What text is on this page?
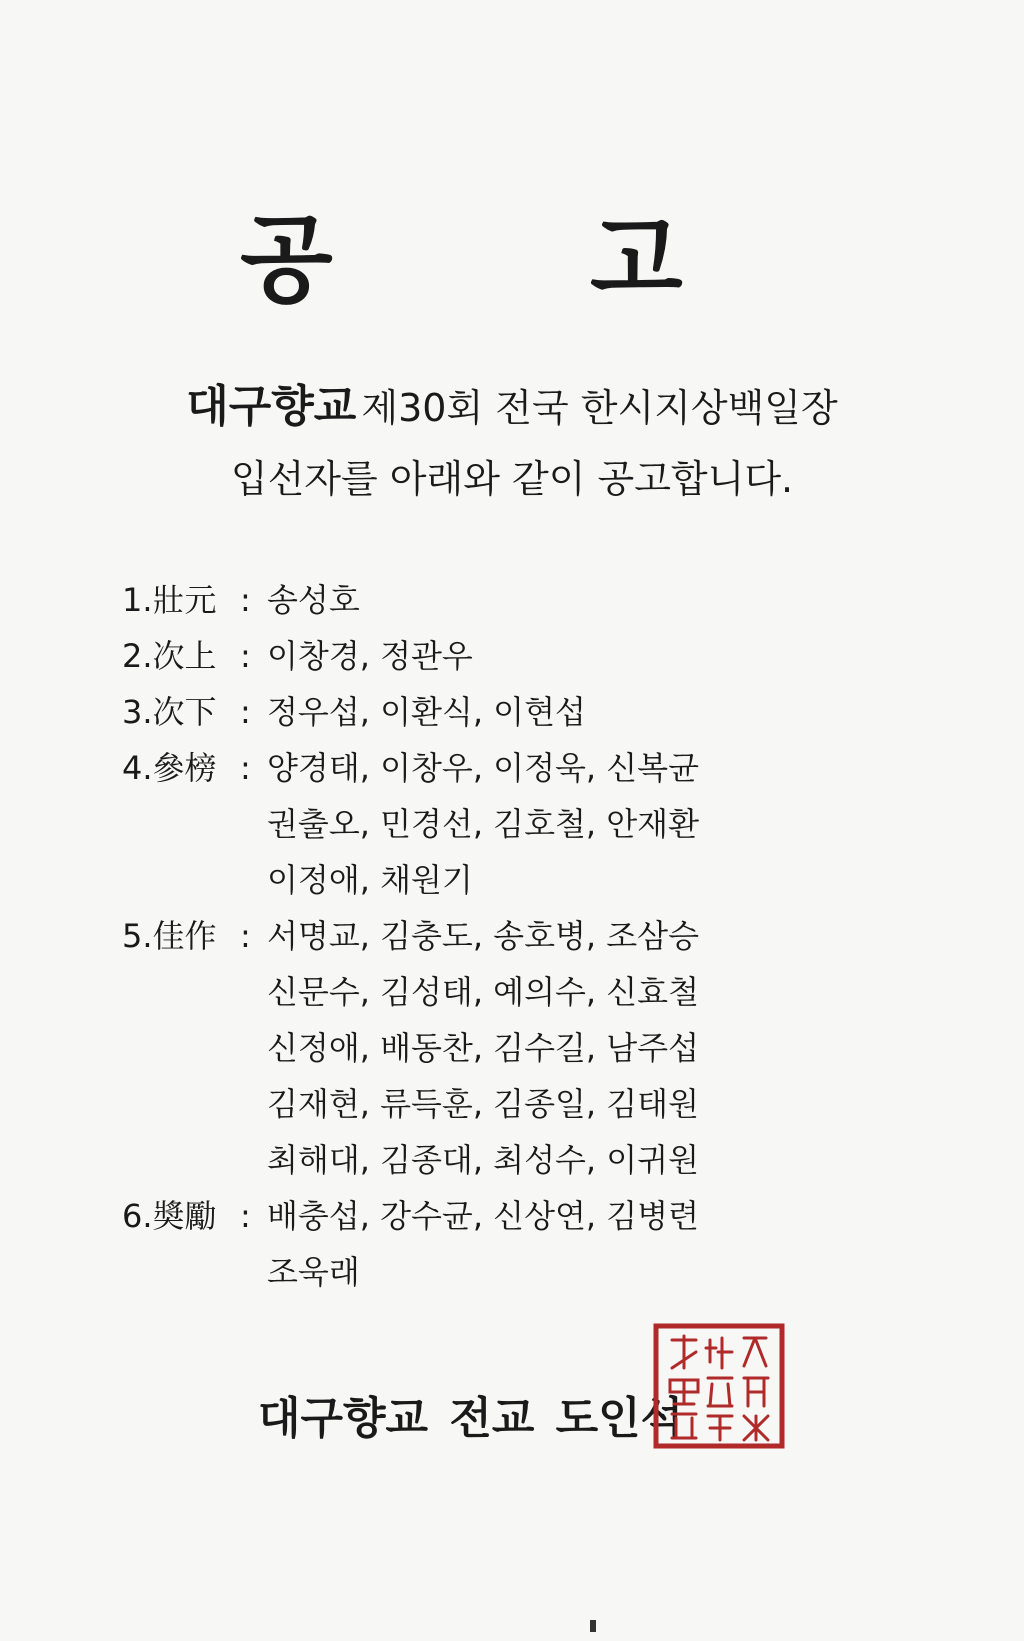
공	고
대구향교 제30회 전국 한시지상백일장
입선자를 아래와 같이 공고합니다.
1.壯元 : 송성호
2.次上 : 이창경, 정관우
3.次下 : 정우섭, 이환식, 이현섭
4.參榜 : 양경태, 이창우, 이정욱, 신복균
권출오, 민경선, 김호철, 안재환
이정애, 채원기
5.佳作 : 서명교, 김충도, 송호병, 조삼승
신문수, 김성태, 예의수, 신효철
신정애, 배동찬, 김수길, 남주섭
김재현, 류득훈, 김종일, 김태원
최해대, 김종대, 최성수, 이귀원
6.奬勵 : 배충섭, 강수균, 신상연, 김병련
조욱래
대구향교 전교 도인석
